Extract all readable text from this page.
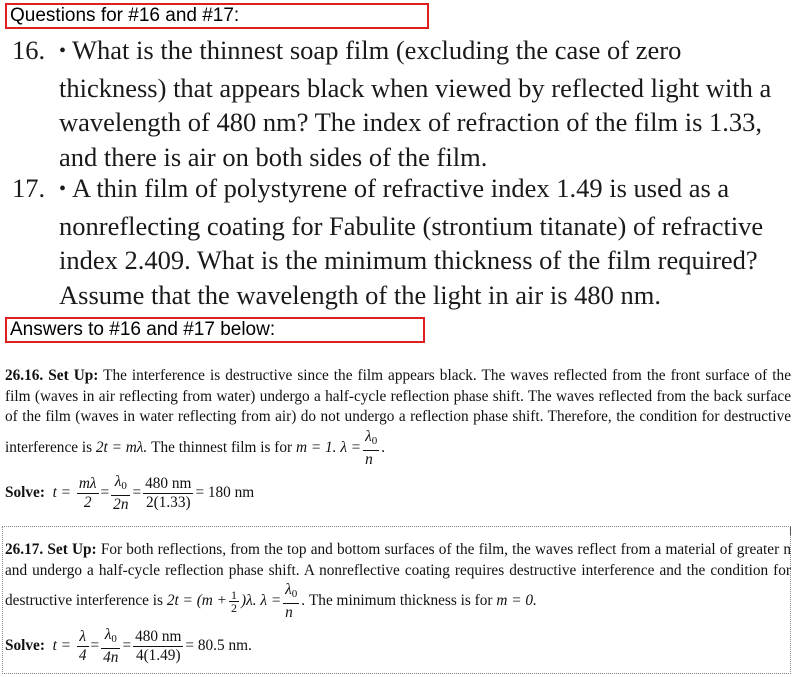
Questions for #16 and #17:
16. • What is the thinnest soap film (excluding the case of zero thickness) that appears black when viewed by reflected light with a wavelength of 480 nm? The index of refraction of the film is 1.33, and there is air on both sides of the film.
17. • A thin film of polystyrene of refractive index 1.49 is used as a nonreflecting coating for Fabulite (strontium titanate) of refractive index 2.409. What is the minimum thickness of the film required? Assume that the wavelength of the light in air is 480 nm.
Answers to #16 and #17 below:

26.16. Set Up: The interference is destructive since the film appears black. The waves reflected from the front surface of the film (waves in air reflecting from water) undergo a half-cycle reflection phase shift. The waves reflected from the back surface of the film (waves in water reflecting from air) do not undergo a reflection phase shift. Therefore, the condition for destructive interference is 2t = mλ. The thinnest film is for m = 1. $\lambda = \frac{\lambda_0}{n}$ .

Solve: $t = \frac{m\lambda}{2} = \frac{\lambda_0}{2n} = \frac{480 nm}{2(1.33)} = 180$ nm

26.17. Set Up: For both reflections, from the top and bottom surfaces of the film, the waves reflect from a material of greater n and undergo a half-cycle reflection phase shift. A nonreflective coating requires destructive interference and the condition for destructive interference is $2t = (m + \frac{1}{2} )\lambda$. $\lambda = \frac{\lambda_0}{n}$ . The minimum thickness is for m = 0.

Solve: $t = \frac{\lambda}{4} = \frac{\lambda_0}{4n} = \frac{480 nm}{4(1.49)} = 80.5$ nm.
